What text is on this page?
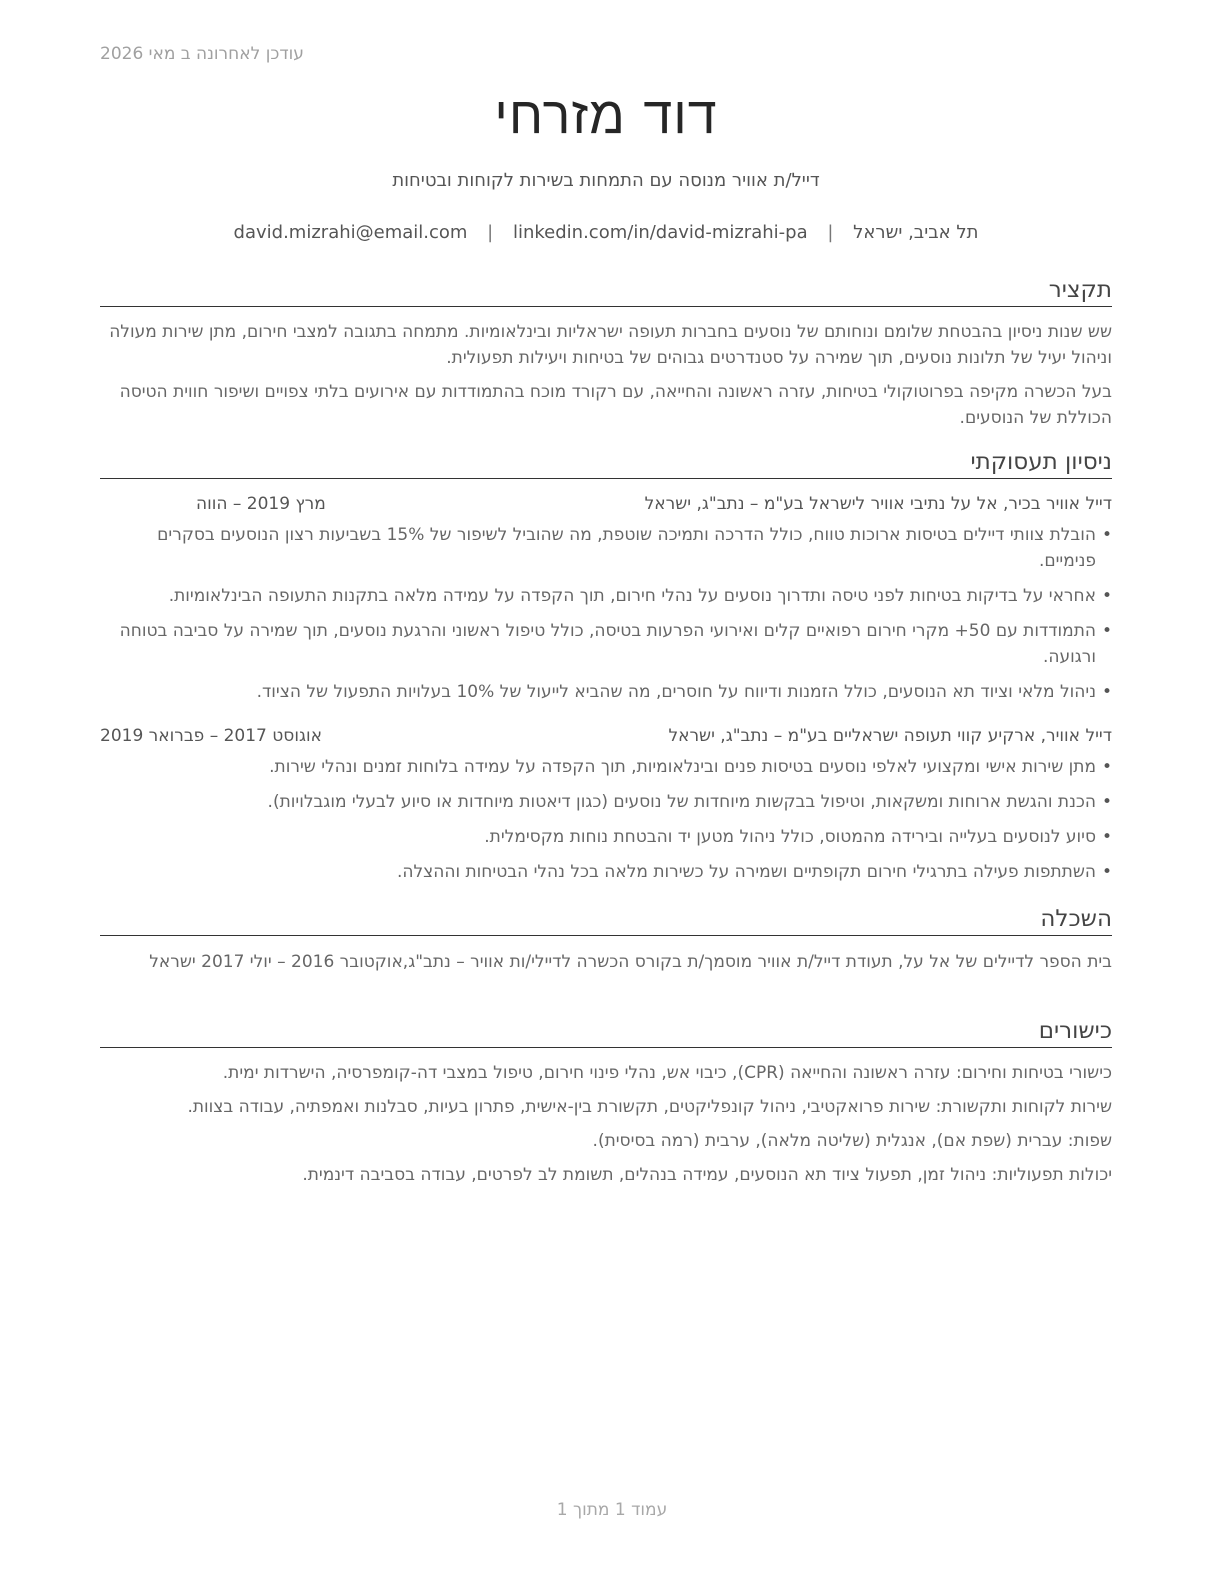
עודכן לאחרונה ב מאי 2026
דוד מזרחי
דייל/ת אוויר מנוסה עם התמחות בשירות לקוחות ובטיחות
תל אביב, ישראל | david.mizrahi@email.com | linkedin.com/in/david-mizrahi-pa
תקציר
שש שנות ניסיון בהבטחת שלומם ונוחותם של נוסעים בחברות תעופה ישראליות ובינלאומיות. מתמחה בתגובה למצבי חירום, מתן שירות מעולה וניהול יעיל של תלונות נוסעים, תוך שמירה על סטנדרטים גבוהים של בטיחות ויעילות תפעולית.
בעל הכשרה מקיפה בפרוטוקולי בטיחות, עזרה ראשונה והחייאה, עם רקורד מוכח בהתמודדות עם אירועים בלתי צפויים ושיפור חווית הטיסה הכוללת של הנוסעים.
ניסיון תעסוקתי
דייל אוויר בכיר, אל על נתיבי אוויר לישראל בע"מ – נתב"ג, ישראל
מרץ 2019 – הווה
• הובלת צוותי דיילים בטיסות ארוכות טווח, כולל הדרכה ותמיכה שוטפת, מה שהוביל לשיפור של 15% בשביעות רצון הנוסעים בסקרים פנימיים.
• אחראי על בדיקות בטיחות לפני טיסה ותדרוך נוסעים על נהלי חירום, תוך הקפדה על עמידה מלאה בתקנות התעופה הבינלאומיות.
• התמודדות עם 50+ מקרי חירום רפואיים קלים ואירועי הפרעות בטיסה, כולל טיפול ראשוני והרגעת נוסעים, תוך שמירה על סביבה בטוחה ורגועה.
• ניהול מלאי וציוד תא הנוסעים, כולל הזמנות ודיווח על חוסרים, מה שהביא לייעול של 10% בעלויות התפעול של הציוד.
דייל אוויר, ארקיע קווי תעופה ישראליים בע"מ – נתב"ג, ישראל
אוגוסט 2017 – פברואר 2019
• מתן שירות אישי ומקצועי לאלפי נוסעים בטיסות פנים ובינלאומיות, תוך הקפדה על עמידה בלוחות זמנים ונהלי שירות.
• הכנת והגשת ארוחות ומשקאות, וטיפול בבקשות מיוחדות של נוסעים (כגון דיאטות מיוחדות או סיוע לבעלי מוגבלויות).
• סיוע לנוסעים בעלייה ובירידה מהמטוס, כולל ניהול מטען יד והבטחת נוחות מקסימלית.
• השתתפות פעילה בתרגילי חירום תקופתיים ושמירה על כשירות מלאה בכל נהלי הבטיחות וההצלה.
השכלה
בית הספר לדיילים של אל על, תעודת דייל/ת אוויר מוסמך/ת בקורס הכשרה לדיילי/ות אוויר – נתב"ג,אוקטובר 2016 – יולי 2017 ישראל
כישורים
כישורי בטיחות וחירום: עזרה ראשונה והחייאה (CPR), כיבוי אש, נהלי פינוי חירום, טיפול במצבי דה-קומפרסיה, הישרדות ימית.
שירות לקוחות ותקשורת: שירות פרואקטיבי, ניהול קונפליקטים, תקשורת בין-אישית, פתרון בעיות, סבלנות ואמפתיה, עבודה בצוות.
שפות: עברית (שפת אם), אנגלית (שליטה מלאה), ערבית (רמה בסיסית).
יכולות תפעוליות: ניהול זמן, תפעול ציוד תא הנוסעים, עמידה בנהלים, תשומת לב לפרטים, עבודה בסביבה דינמית.
עמוד 1 מתוך 1
